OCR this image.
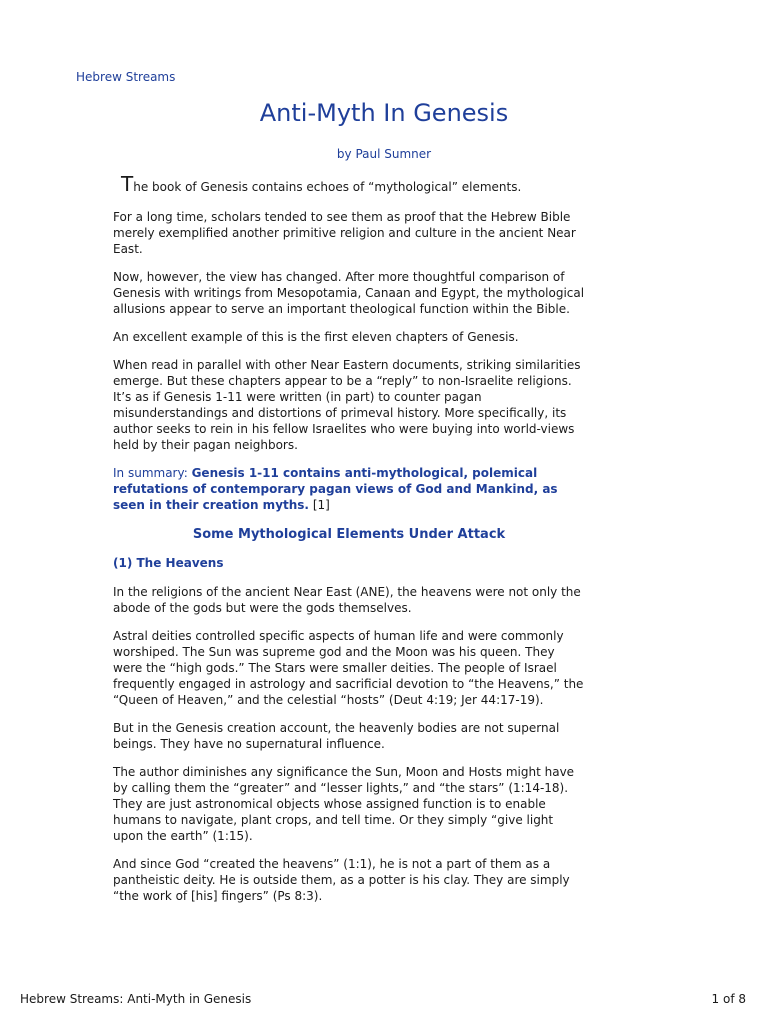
Hebrew Streams
Anti-Myth In Genesis
by Paul Sumner

The book of Genesis contains echoes of “mythological” elements.

For a long time, scholars tended to see them as proof that the Hebrew Bible merely exemplified another primitive religion and culture in the ancient Near East.

Now, however, the view has changed. After more thoughtful comparison of Genesis with writings from Mesopotamia, Canaan and Egypt, the mythological allusions appear to serve an important theological function within the Bible.

An excellent example of this is the first eleven chapters of Genesis.

When read in parallel with other Near Eastern documents, striking similarities emerge. But these chapters appear to be a “reply” to non-Israelite religions. It’s as if Genesis 1-11 were written (in part) to counter pagan misunderstandings and distortions of primeval history. More specifically, its author seeks to rein in his fellow Israelites who were buying into world-views held by their pagan neighbors.

In summary: Genesis 1-11 contains anti-mythological, polemical refutations of contemporary pagan views of God and Mankind, as seen in their creation myths. [1]

Some Mythological Elements Under Attack
(1) The Heavens

In the religions of the ancient Near East (ANE), the heavens were not only the abode of the gods but were the gods themselves.

Astral deities controlled specific aspects of human life and were commonly worshiped. The Sun was supreme god and the Moon was his queen. They were the “high gods.” The Stars were smaller deities. The people of Israel frequently engaged in astrology and sacrificial devotion to “the Heavens,” the “Queen of Heaven,” and the celestial “hosts” (Deut 4:19; Jer 44:17-19).

But in the Genesis creation account, the heavenly bodies are not supernal beings. They have no supernatural influence.

The author diminishes any significance the Sun, Moon and Hosts might have by calling them the “greater” and “lesser lights,” and “the stars” (1:14-18). They are just astronomical objects whose assigned function is to enable humans to navigate, plant crops, and tell time. Or they simply “give light upon the earth” (1:15).

And since God “created the heavens” (1:1), he is not a part of them as a pantheistic deity. He is outside them, as a potter is his clay. They are simply “the work of [his] fingers” (Ps 8:3).

Hebrew Streams: Anti-Myth in Genesis	1 of 8
